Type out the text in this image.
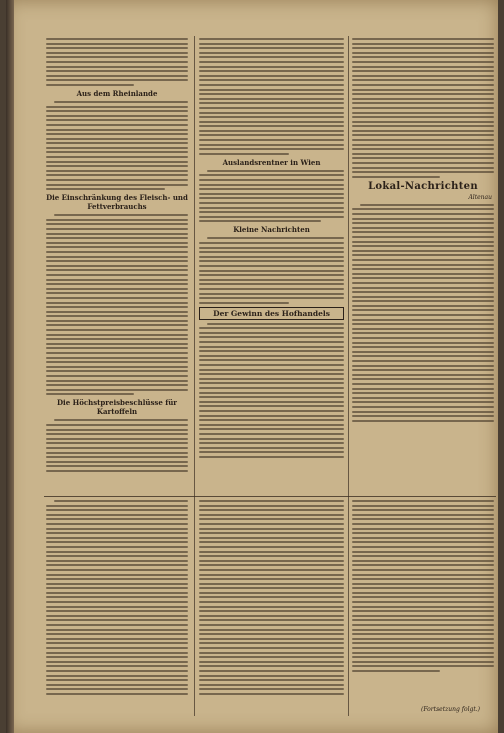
Aus dem Rheinlande
Die Einschränkung des Fleisch- und Fettverbrauchs
Die Höchstpreisbeschlüsse für Kartoffeln
Auslandsrentner in Wien
Kleine Nachrichten
Der Gewinn des Hofhandels
Lokal-Nachrichten
Altenau
(Fortsetzung folgt.)
